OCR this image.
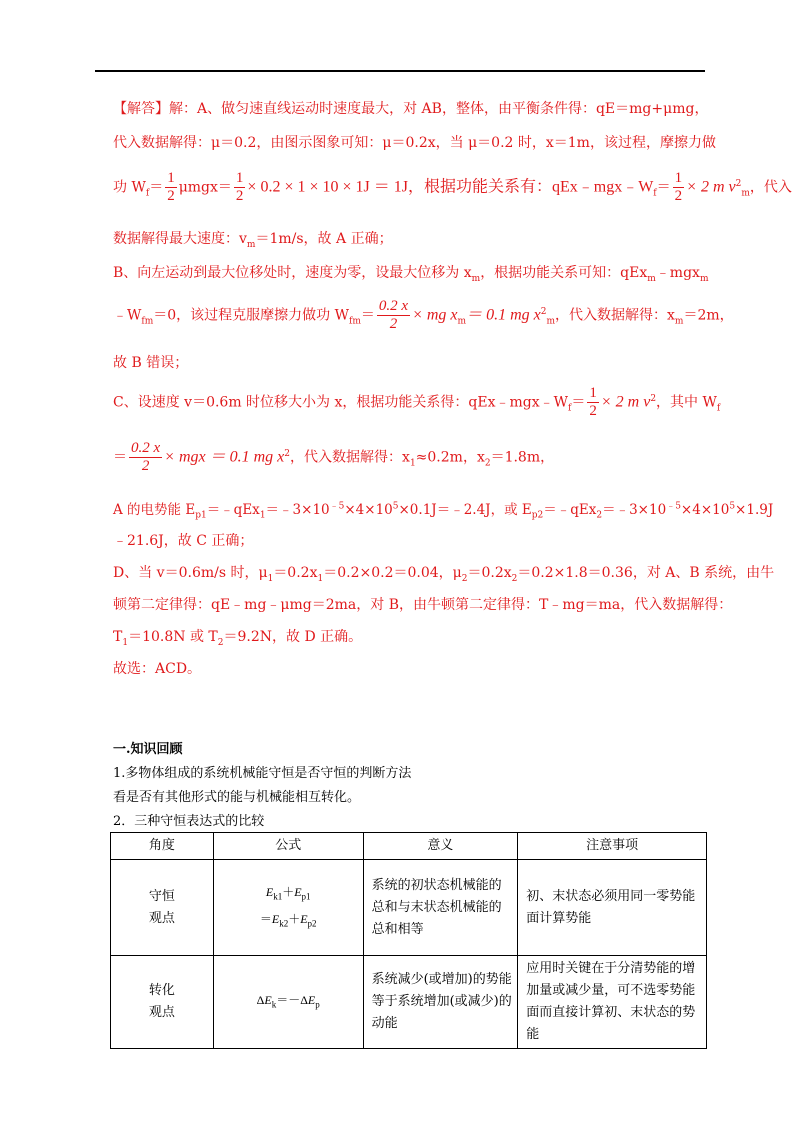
【解答】解：A、做匀速直线运动时速度最大，对 AB，整体，由平衡条件得：qE＝mg+μmg，
代入数据解得：μ＝0.2，由图示图象可知：μ＝0.2x，当 μ＝0.2 时，x＝1m，该过程，摩擦力做
功 $W_f= \frac{1}{2} \mu mgx= \frac{1}{2} \times 0.2 \times 1 \times 10 \times 1J = 1J$，根据功能关系有：$qEx﹣mgx﹣W_f= \frac{1}{2} \times 2$ m $v^2_m$，代入
数据解得最大速度：$v_m=1m/s$，故 A 正确；
B、向左运动到最大位移处时，速度为零，设最大位移为 $x_m$，根据功能关系可知：qEx$_m$﹣mgx$_m$
$﹣W_{fm}=0$，该过程克服摩擦力做功 $W_{fm}= \frac{0.2 x}{2}$ × mg $x_m= 0.1$ mg $x^2_m$，代入数据解得：$x_m=2m$，
故 B 错误；
C、设速度 v＝0.6m 时位移大小为 x，根据功能关系得：$qEx﹣mgx﹣W_f= \frac{1}{2} \times 2$ m $v^2$，其中 $W_f$
＝ $\frac{0.2 x}{2}$ × mgx ＝ 0.1 mg $x^2$，代入数据解得：$x_1\approx 0.2m$，$x_2=1.8m$，
A 的电势能 $E_{p1}=﹣qEx_1=﹣3\times 10^{﹣5}\times 4\times 10^5\times 0.1J=﹣2.4J$，或 $E_{p2}=﹣qEx_2=﹣3\times 10^{﹣5}\times 4\times 10^5\times 1.9J$
﹣21.6J，故 C 正确；
D、当 v＝0.6m/s 时，$\mu_1=0.2x_1=0.2\times 0.2=0.04$，$\mu_2=0.2x_2=0.2\times 1.8=0.36$，对 A、B 系统，由牛
顿第二定律得：qE﹣mg﹣μmg＝2ma，对 B，由牛顿第二定律得：T﹣mg＝ma，代入数据解得：
$T_1=10.8N$ 或 $T_2=9.2N$，故 D 正确。
故选：ACD。
一.知识回顾
1.多物体组成的系统机械能守恒是否守恒的判断方法
看是否有其他形式的能与机械能相互转化。
2．三种守恒表达式的比较
角度	公式	意义	注意事项
守恒
观点	$E_{k1}+E_{p1}$
$=E_{k2}+E_{p2}$	系统的初状态机械能的总和与末状态机械能的总和相等	初、末状态必须用同一零势能面计算势能
转化
观点	$\Delta E_k=-\Delta E_p$	系统减少(或增加)的势能等于系统增加(或减少)的动能	应用时关键在于分清势能的增加量或减少量，可不选零势能面而直接计算初、末状态的势能
